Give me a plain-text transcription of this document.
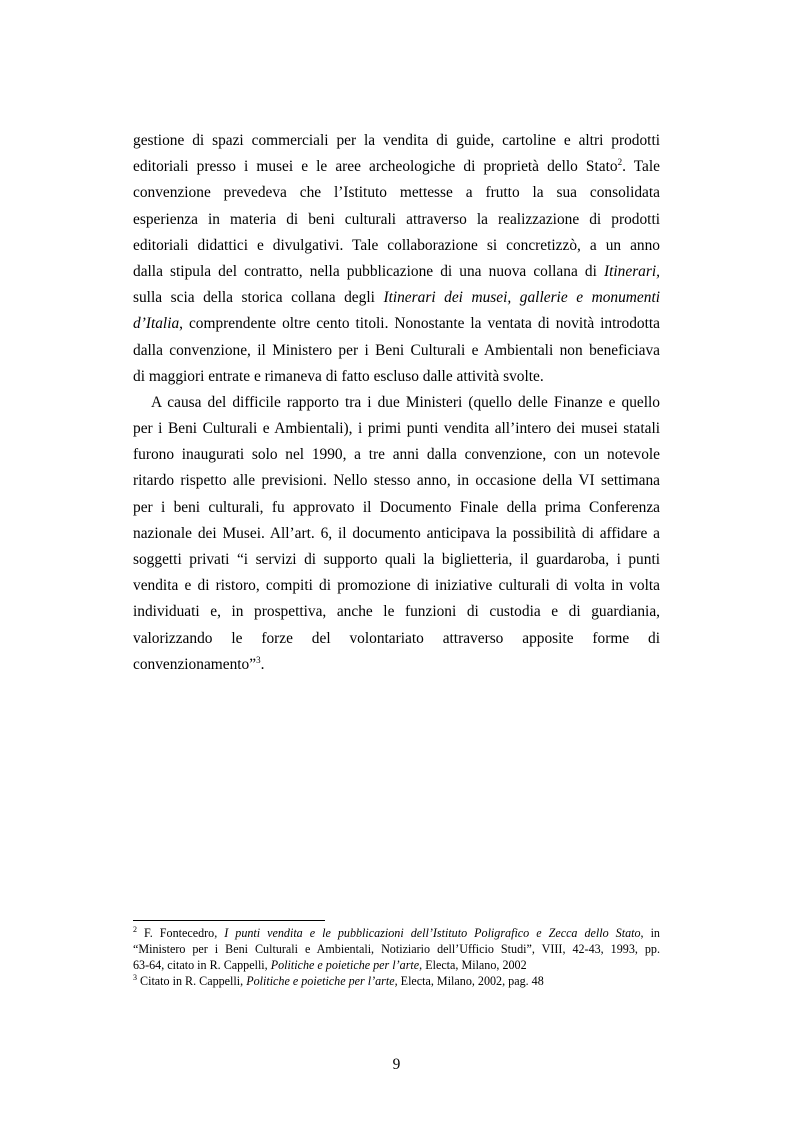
gestione di spazi commerciali per la vendita di guide, cartoline e altri prodotti
editoriali presso i musei e le aree archeologiche di proprietà dello Stato$^2$. Tale
convenzione prevedeva che l’Istituto mettesse a frutto la sua consolidata
esperienza in materia di beni culturali attraverso la realizzazione di prodotti
editoriali didattici e divulgativi. Tale collaborazione si concretizzò, a un anno
dalla stipula del contratto, nella pubblicazione di una nuova collana di Itinerari,
sulla scia della storica collana degli Itinerari dei musei, gallerie e monumenti
d’Italia, comprendente oltre cento titoli. Nonostante la ventata di novità introdotta
dalla convenzione, il Ministero per i Beni Culturali e Ambientali non beneficiava
di maggiori entrate e rimaneva di fatto escluso dalle attività svolte.
A causa del difficile rapporto tra i due Ministeri (quello delle Finanze e quello
per i Beni Culturali e Ambientali), i primi punti vendita all’intero dei musei statali
furono inaugurati solo nel 1990, a tre anni dalla convenzione, con un notevole
ritardo rispetto alle previsioni. Nello stesso anno, in occasione della VI settimana
per i beni culturali, fu approvato il Documento Finale della prima Conferenza
nazionale dei Musei. All’art. 6, il documento anticipava la possibilità di affidare a
soggetti privati “i servizi di supporto quali la biglietteria, il guardaroba, i punti
vendita e di ristoro, compiti di promozione di iniziative culturali di volta in volta
individuati e, in prospettiva, anche le funzioni di custodia e di guardiania,
valorizzando le forze del volontariato attraverso apposite forme di
convenzionamento”$^3$.
$^2$ F. Fontecedro, I punti vendita e le pubblicazioni dell’Istituto Poligrafico e Zecca dello Stato, in
“Ministero per i Beni Culturali e Ambientali, Notiziario dell’Ufficio Studi”, VIII, 42-43, 1993, pp.
63-64, citato in R. Cappelli, Politiche e poietiche per l’arte, Electa, Milano, 2002
$^3$ Citato in R. Cappelli, Politiche e poietiche per l’arte, Electa, Milano, 2002, pag. 48
9
